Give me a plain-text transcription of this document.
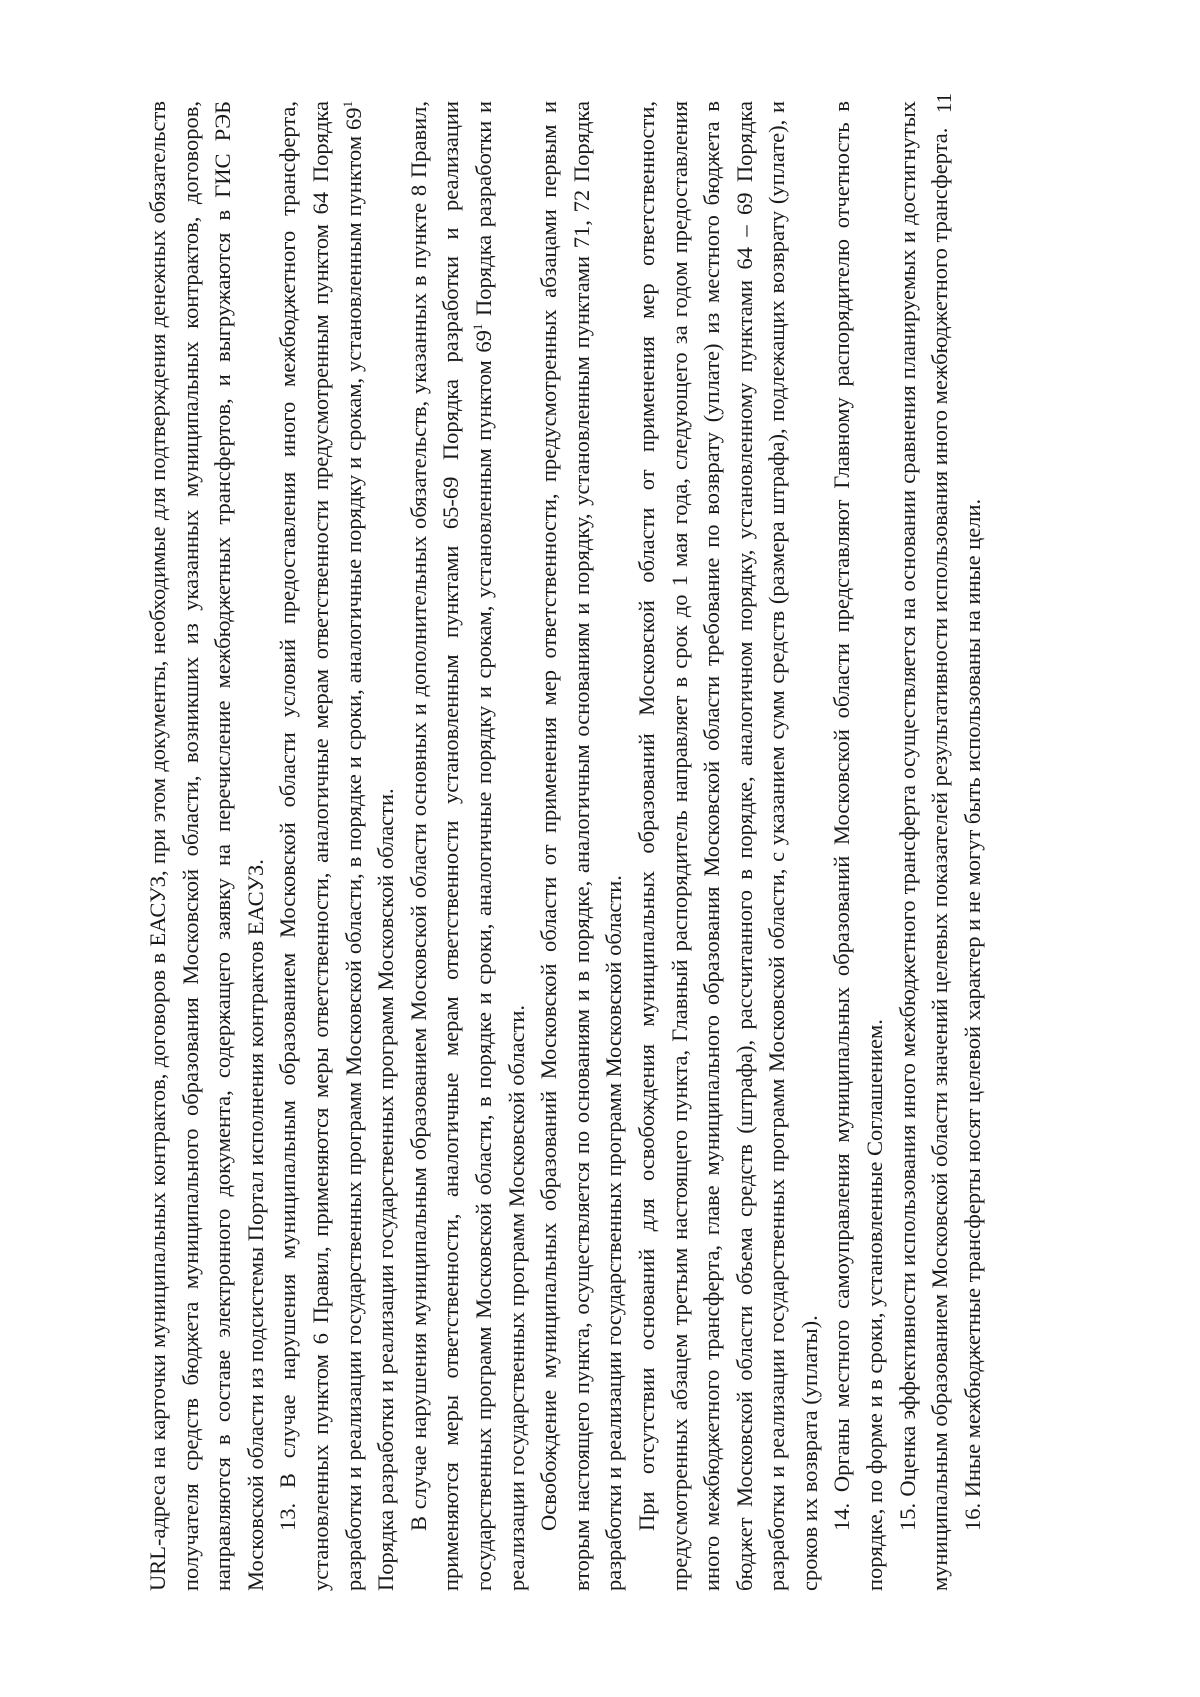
11

URL-адреса на карточки муниципальных контрактов, договоров в ЕАСУЗ, при этом документы, необходимые для подтверждения денежных обязательств получателя средств бюджета муниципального образования Московской области, возникших из указанных муниципальных контрактов, договоров, направляются в составе электронного документа, содержащего заявку на перечисление межбюджетных трансфертов, и выгружаются в ГИС РЭБ Московской области из подсистемы Портал исполнения контрактов ЕАСУЗ. 13. В случае нарушения муниципальным образованием Московской области условий предоставления иного межбюджетного трансферта, установленных пунктом 6 Правил, применяются меры ответственности, аналогичные мерам ответственности предусмотренным пунктом 64 Порядка разработки и реализации государственных программ Московской области, в порядке и сроки, аналогичные порядку и срокам, установленным пунктом $69^1$ Порядка разработки и реализации государственных программ Московской области. В случае нарушения муниципальным образованием Московской области основных и дополнительных обязательств, указанных в пункте 8 Правил, применяются меры ответственности, аналогичные мерам ответственности установленным пунктами 65-69 Порядка разработки и реализации государственных программ Московской области, в порядке и сроки, аналогичные порядку и срокам, установленным пунктом $69^1$ Порядка разработки и реализации государственных программ Московской области. Освобождение муниципальных образований Московской области от применения мер ответственности, предусмотренных абзацами первым и вторым настоящего пункта, осуществляется по основаниям и в порядке, аналогичным основаниям и порядку, установленным пунктами 71, 72 Порядка разработки и реализации государственных программ Московской области. При отсутствии оснований для освобождения муниципальных образований Московской области от применения мер ответственности, предусмотренных абзацем третьим настоящего пункта, Главный распорядитель направляет в срок до 1 мая года, следующего за годом предоставления иного межбюджетного трансферта, главе муниципального образования Московской области требование по возврату (уплате) из местного бюджета в бюджет Московской области объема средств (штрафа), рассчитанного в порядке, аналогичном порядку, установленному пунктами 64 – 69 Порядка разработки и реализации государственных программ Московской области, с указанием сумм средств (размера штрафа), подлежащих возврату (уплате), и сроков их возврата (уплаты). 14. Органы местного самоуправления муниципальных образований Московской области представляют Главному распорядителю отчетность в порядке, по форме и в сроки, установленные Соглашением. 15. Оценка эффективности использования иного межбюджетного трансферта осуществляется на основании сравнения планируемых и достигнутых муниципальным образованием Московской области значений целевых показателей результативности использования иного межбюджетного трансферта. 16. Иные межбюджетные трансферты носят целевой характер и не могут быть использованы на иные цели.
